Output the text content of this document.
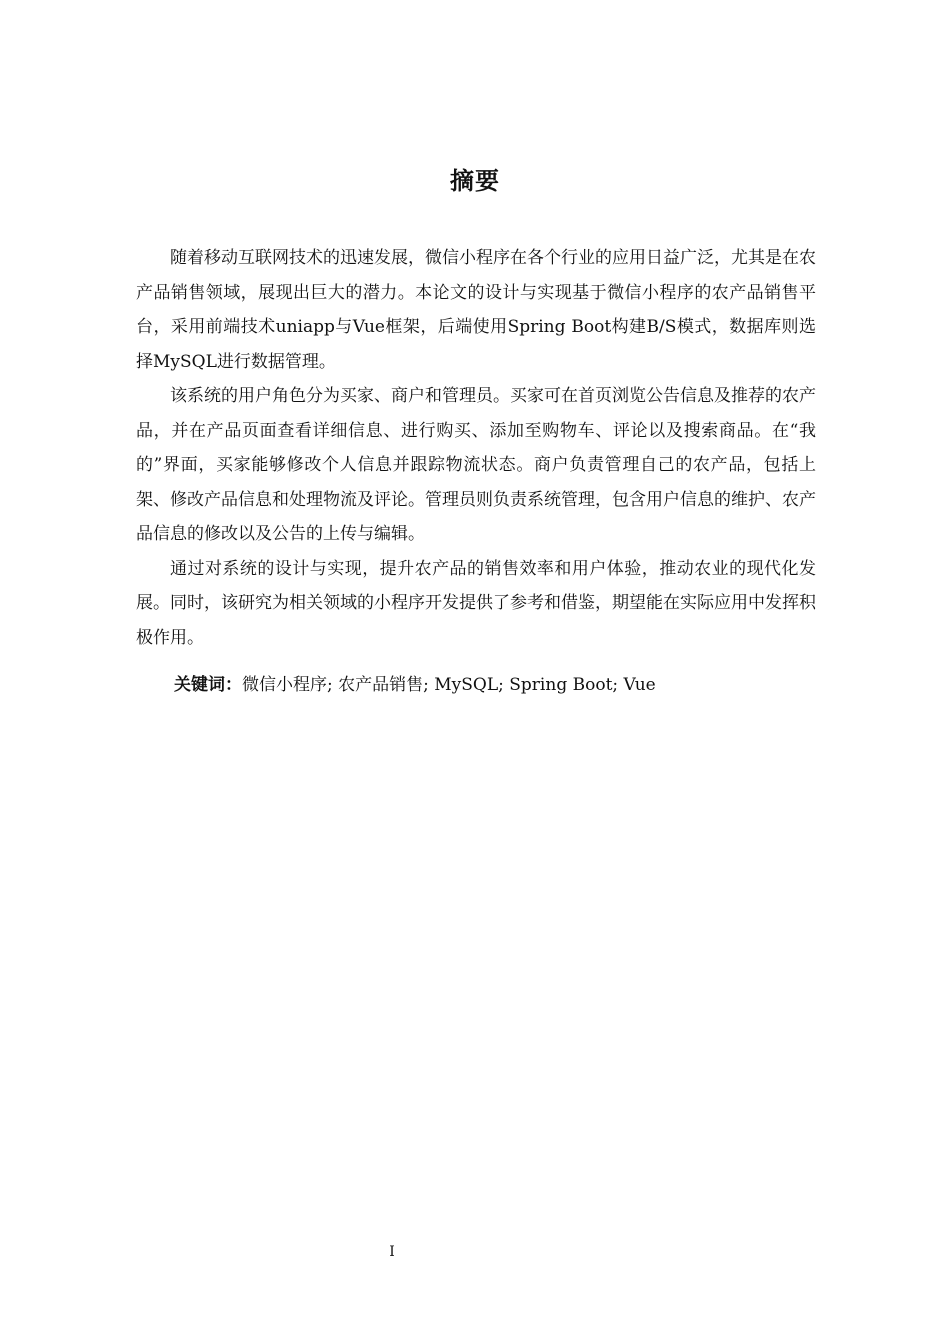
摘要

随着移动互联网技术的迅速发展，微信小程序在各个行业的应用日益广泛，尤其是在农产品销售领域，展现出巨大的潜力。本论文的设计与实现基于微信小程序的农产品销售平台，采用前端技术uniapp与Vue框架，后端使用Spring Boot构建B/S模式，数据库则选择MySQL进行数据管理。

该系统的用户角色分为买家、商户和管理员。买家可在首页浏览公告信息及推荐的农产品，并在产品页面查看详细信息、进行购买、添加至购物车、评论以及搜索商品。在“我的”界面，买家能够修改个人信息并跟踪物流状态。商户负责管理自己的农产品，包括上架、修改产品信息和处理物流及评论。管理员则负责系统管理，包含用户信息的维护、农产品信息的修改以及公告的上传与编辑。

通过对系统的设计与实现，提升农产品的销售效率和用户体验，推动农业的现代化发展。同时，该研究为相关领域的小程序开发提供了参考和借鉴，期望能在实际应用中发挥积极作用。

关键词：微信小程序; 农产品销售; MySQL; Spring Boot; Vue
I
